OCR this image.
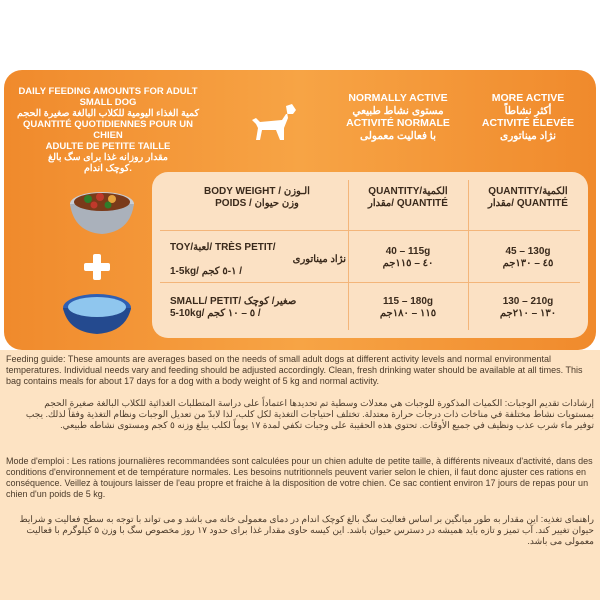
DAILY FEEDING AMOUNTS FOR ADULT
SMALL DOG
كمية الغذاء اليومية للكلاب البالغة صغيرة الحجم
QUANTITÉ QUOTIDIENNES POUR UN CHIEN
ADULTE DE PETITE TAILLE
مقدار روزانه غذا برای سگ بالغ
کوچک اندام.
NORMALLY ACTIVE
مستوى نشاط طبيعي
ACTIVITÉ NORMALE
با فعالیت معمولی
MORE ACTIVE
أكثر نشاطاً
ACTIVITÉ ÉLEVÉE
نژاد میناتوری
BODY WEIGHT / الـوزن
POIDS / وزن حیوان
QUANTITY/الكمية
مقدار/ QUANTITÉ
QUANTITY/الكمية
مقدار/ QUANTITÉ
TOY/لعبة/ TRÈS PETIT/
نژاد میناتوری
1-5kg/ ١-٥ كجم /
40 – 115g
٤٠ – ١١٥جم
45 – 130g
٤٥ – ١٣٠جم
SMALL/ PETIT/ صغير/ كوچک
5-10kg/ ٥ – ١٠ كجم /
115 – 180g
١١٥ – ١٨٠جم
130 – 210g
١٣٠ – ٢١٠جم
Feeding guide: These amounts are averages based on the needs of small adult dogs at different activity levels and normal environmental temperatures. Individual needs vary and feeding should be adjusted accordingly. Clean, fresh drinking water should be available at all times. This bag contains meals for about 17 days for a dog with a body weight of 5 kg and normal activity.
إرشادات تقديم الوجبات: الكميات المذكورة للوجبات هي معدلات وسطية تم تحديدها اعتماداً على دراسة المتطلبات الغذائية للكلاب البالغة صغيرة الحجم بمستويات نشاط مختلفة في مناخات ذات درجات حرارة معتدلة. تختلف احتياجات التغذية لكل كلب، لذا لابدّ من تعديل الوجبات ونظام التغذية وفقاً لذلك. يجب توفير ماء شرب عذب ونظيف في جميع الأوقات. تحتوي هذه الحقيبة على وجبات تكفي لمدة ١٧ يوماً لكلب يبلغ وزنه ٥ كجم ومستوى نشاطه طبيعي.
Mode d'emploi : Les rations journalières recommandées sont calculées pour un chien adulte de petite taille, à différents niveaux d'activité, dans des conditions d'environnement et de température normales. Les besoins nutritionnels peuvent varier selon le chien, il faut donc ajuster ces rations en conséquence. Veillez à toujours laisser de l'eau propre et fraiche à la disposition de votre chien. Ce sac contient environ 17 jours de repas pour un chien d'un poids de 5 kg.
راهنمای تغذیه: این مقدار به طور میانگین بر اساس فعالیت سگ بالغ کوچک اندام در دمای معمولی خانه می باشد و می تواند با توجه به سطح فعالیت و شرایط حیوان تغییر کند. آب تمیز و تازه باید همیشه در دسترس حیوان باشد. این کیسه حاوی مقدار غذا برای حدود ۱۷ روز مخصوص سگ با وزن ۵ کیلوگرم با فعالیت معمولی می باشد.
